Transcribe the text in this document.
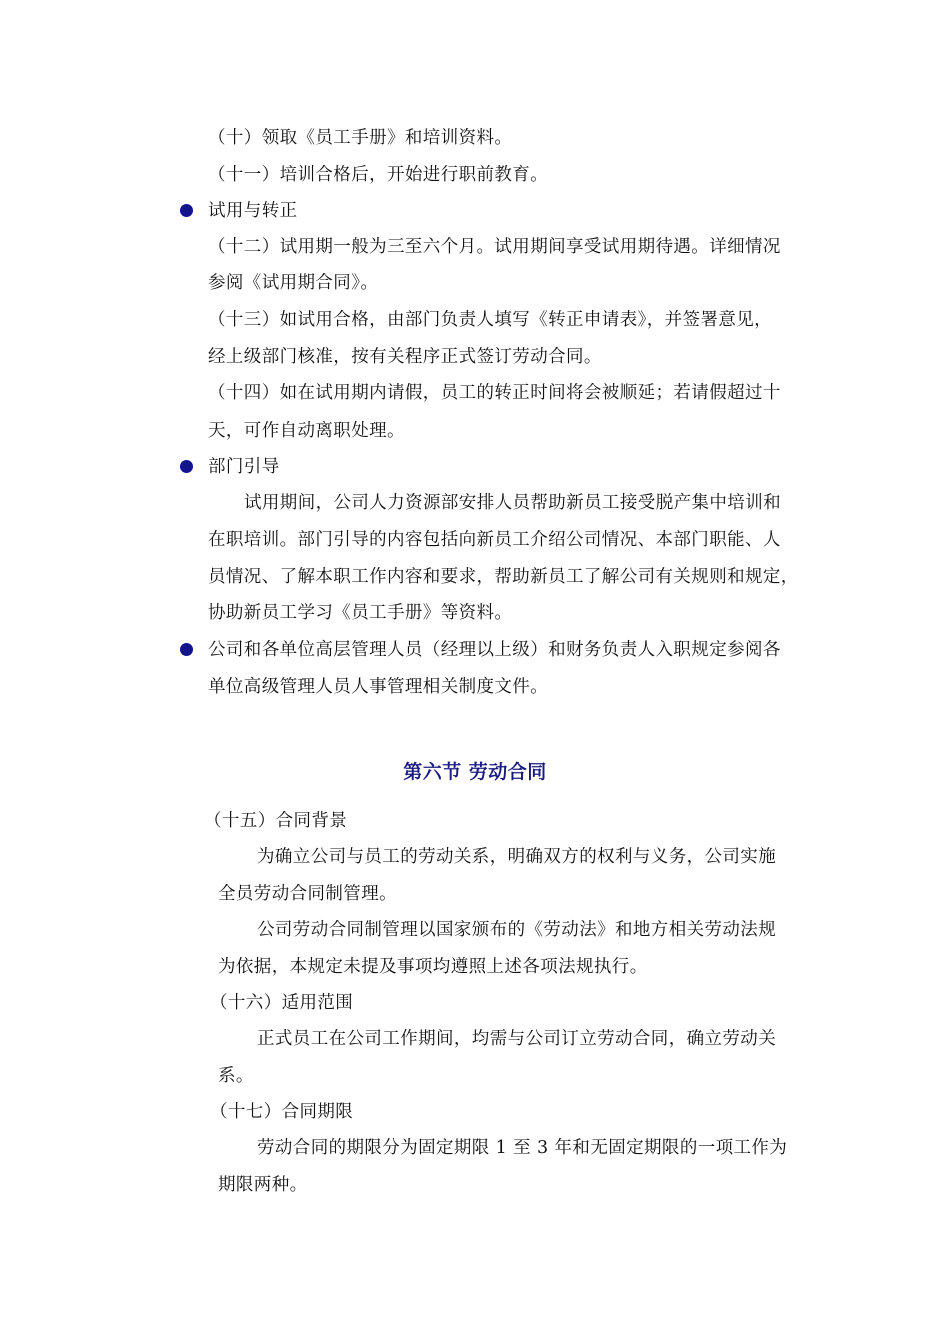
（十）领取《员工手册》和培训资料。
（十一）培训合格后，开始进行职前教育。
试用与转正
（十二）试用期一般为三至六个月。试用期间享受试用期待遇。详细情况
参阅《试用期合同》。
（十三）如试用合格，由部门负责人填写《转正申请表》，并签署意见，
经上级部门核准，按有关程序正式签订劳动合同。
（十四）如在试用期内请假，员工的转正时间将会被顺延；若请假超过十
天，可作自动离职处理。
部门引导
试用期间，公司人力资源部安排人员帮助新员工接受脱产集中培训和
在职培训。部门引导的内容包括向新员工介绍公司情况、本部门职能、人
员情况、了解本职工作内容和要求，帮助新员工了解公司有关规则和规定，
协助新员工学习《员工手册》等资料。
公司和各单位高层管理人员（经理以上级）和财务负责人入职规定参阅各
单位高级管理人员人事管理相关制度文件。
第六节 劳动合同
（十五）合同背景
为确立公司与员工的劳动关系，明确双方的权利与义务，公司实施
全员劳动合同制管理。
公司劳动合同制管理以国家颁布的《劳动法》和地方相关劳动法规
为依据，本规定未提及事项均遵照上述各项法规执行。
（十六）适用范围
正式员工在公司工作期间，均需与公司订立劳动合同，确立劳动关
系。
（十七）合同期限
劳动合同的期限分为固定期限 1 至 3 年和无固定期限的一项工作为
期限两种。
